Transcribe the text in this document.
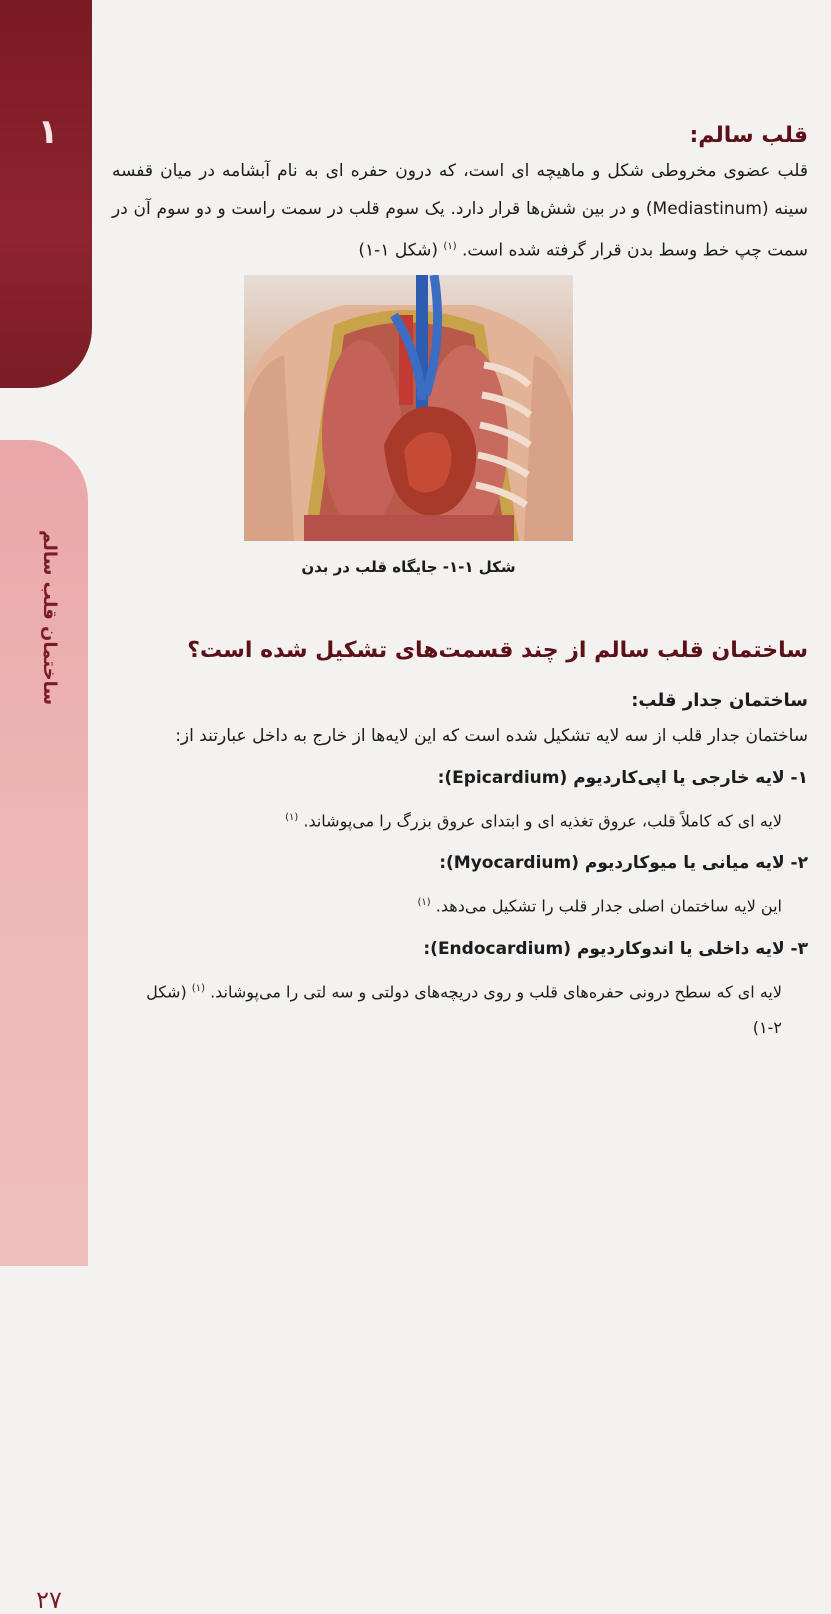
۱
۲۷
ساختمان قلب سالم
قلب سالم:

قلب عضوی مخروطی شکل و ماهیچه ای است، که درون حفره ای به نام آبشامه در میان قفسه سینه (Mediastinum) و در بین شش‌ها قرار دارد. یک سوم قلب در سمت راست و دو سوم آن در سمت چپ خط وسط بدن قرار گرفته شده است. $^{(۱)}$ (شکل ۱-۱)

شکل ۱-۱- جایگاه قلب در بدن
ساختمان قلب سالم از چند قسمت‌های تشکیل شده است؟
ساختمان جدار قلب:

ساختمان جدار قلب از سه لایه تشکیل شده است که این لایه‌ها از خارج به داخل عبارتند از:

۱- لایه خارجی یا اپی‌کاردیوم (Epicardium):
لایه ای که کاملاً قلب، عروق تغذیه ای و ابتدای عروق بزرگ را می‌پوشاند. $^{(۱)}$
۲- لایه میانی یا میوکاردیوم (Myocardium):
این لایه ساختمان اصلی جدار قلب را تشکیل می‌دهد. $^{(۱)}$
۳- لایه داخلی یا اندوکاردیوم (Endocardium):
لایه ای که سطح درونی حفره‌های قلب و روی دریچه‌های دولتی و سه لتی را می‌پوشاند. $^{(۱)}$ (شکل ۲-۱)
